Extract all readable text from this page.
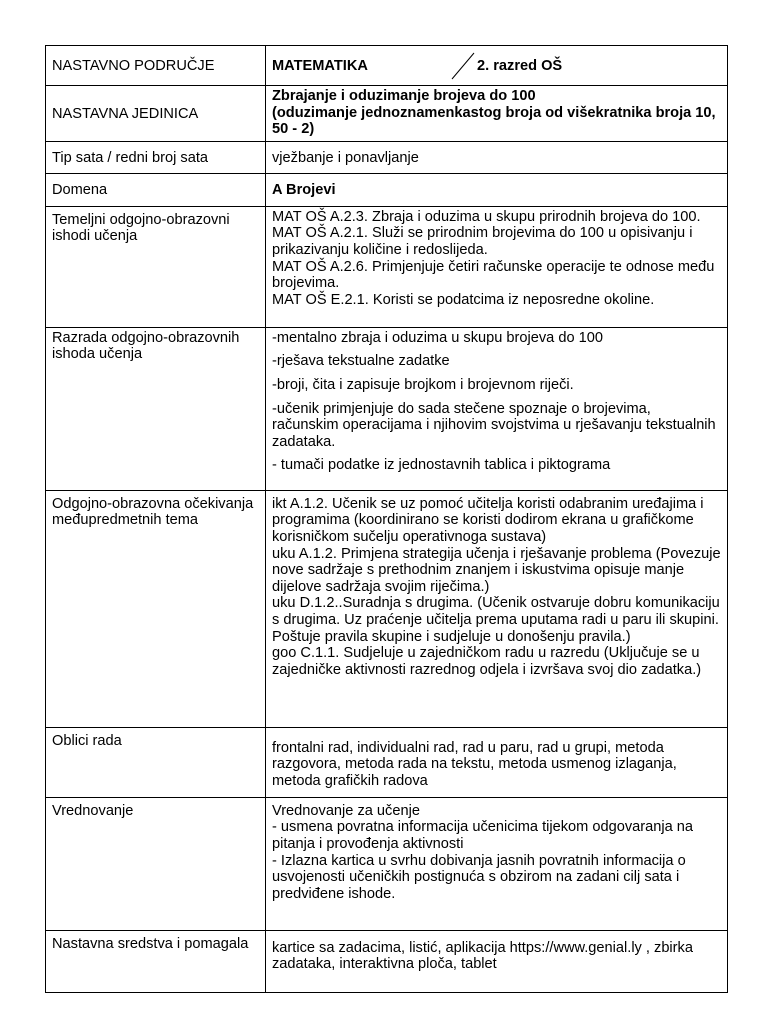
NASTAVNO PODRUČJE	MATEMATIKA 2. razred OŠ

NASTAVNA JEDINICA	Zbrajanje i oduzimanje brojeva do 100
(oduzimanje jednoznamenkastog broja od višekratnika broja 10, 50 - 2)

Tip sata / redni broj sata	vježbanje i ponavljanje
Domena	A Brojevi
Temeljni odgojno-obrazovni ishodi učenja	MAT OŠ A.2.3. Zbraja i oduzima u skupu prirodnih brojeva do 100.
MAT OŠ A.2.1. Služi se prirodnim brojevima do 100 u opisivanju i prikazivanju količine i redoslijeda.
MAT OŠ A.2.6. Primjenjuje četiri računske operacije te odnose među brojevima.
MAT OŠ E.2.1. Koristi se podatcima iz neposredne okoline.

Razrada odgojno-obrazovnih ishoda učenja	-mentalno zbraja i oduzima u skupu brojeva do 100
-rješava tekstualne zadatke
-broji, čita i zapisuje brojkom i brojevnom riječi.
-učenik primjenjuje do sada stečene spoznaje o brojevima, računskim operacijama i njihovim svojstvima u rješavanju tekstualnih zadataka.
- tumači podatke iz jednostavnih tablica i piktograma

Odgojno-obrazovna očekivanja međupredmetnih tema	ikt A.1.2. Učenik se uz pomoć učitelja koristi odabranim uređajima i programima (koordinirano se koristi dodirom ekrana u grafičkome korisničkom sučelju operativnoga sustava)
uku A.1.2. Primjena strategija učenja i rješavanje problema (Povezuje nove sadržaje s prethodnim znanjem i iskustvima opisuje manje dijelove sadržaja svojim riječima.)
uku D.1.2..Suradnja s drugima. (Učenik ostvaruje dobru komunikaciju s drugima. Uz praćenje učitelja prema uputama radi u paru ili skupini. Poštuje pravila skupine i sudjeluje u donošenju pravila.)
goo C.1.1. Sudjeluje u zajedničkom radu u razredu (Uključuje se u zajedničke aktivnosti razrednog odjela i izvršava svoj dio zadatka.)

Oblici rada	frontalni rad, individualni rad, rad u paru, rad u grupi, metoda razgovora, metoda rada na tekstu, metoda usmenog izlaganja, metoda grafičkih radova

Vrednovanje	Vrednovanje za učenje
- usmena povratna informacija učenicima tijekom odgovaranja na pitanja i provođenja aktivnosti
- Izlazna kartica u svrhu dobivanja jasnih povratnih informacija o usvojenosti učeničkih postignuća s obzirom na zadani cilj sata i predviđene ishode.

Nastavna sredstva i pomagala	kartice sa zadacima, listić, aplikacija https://www.genial.ly , zbirka zadataka, interaktivna ploča, tablet
